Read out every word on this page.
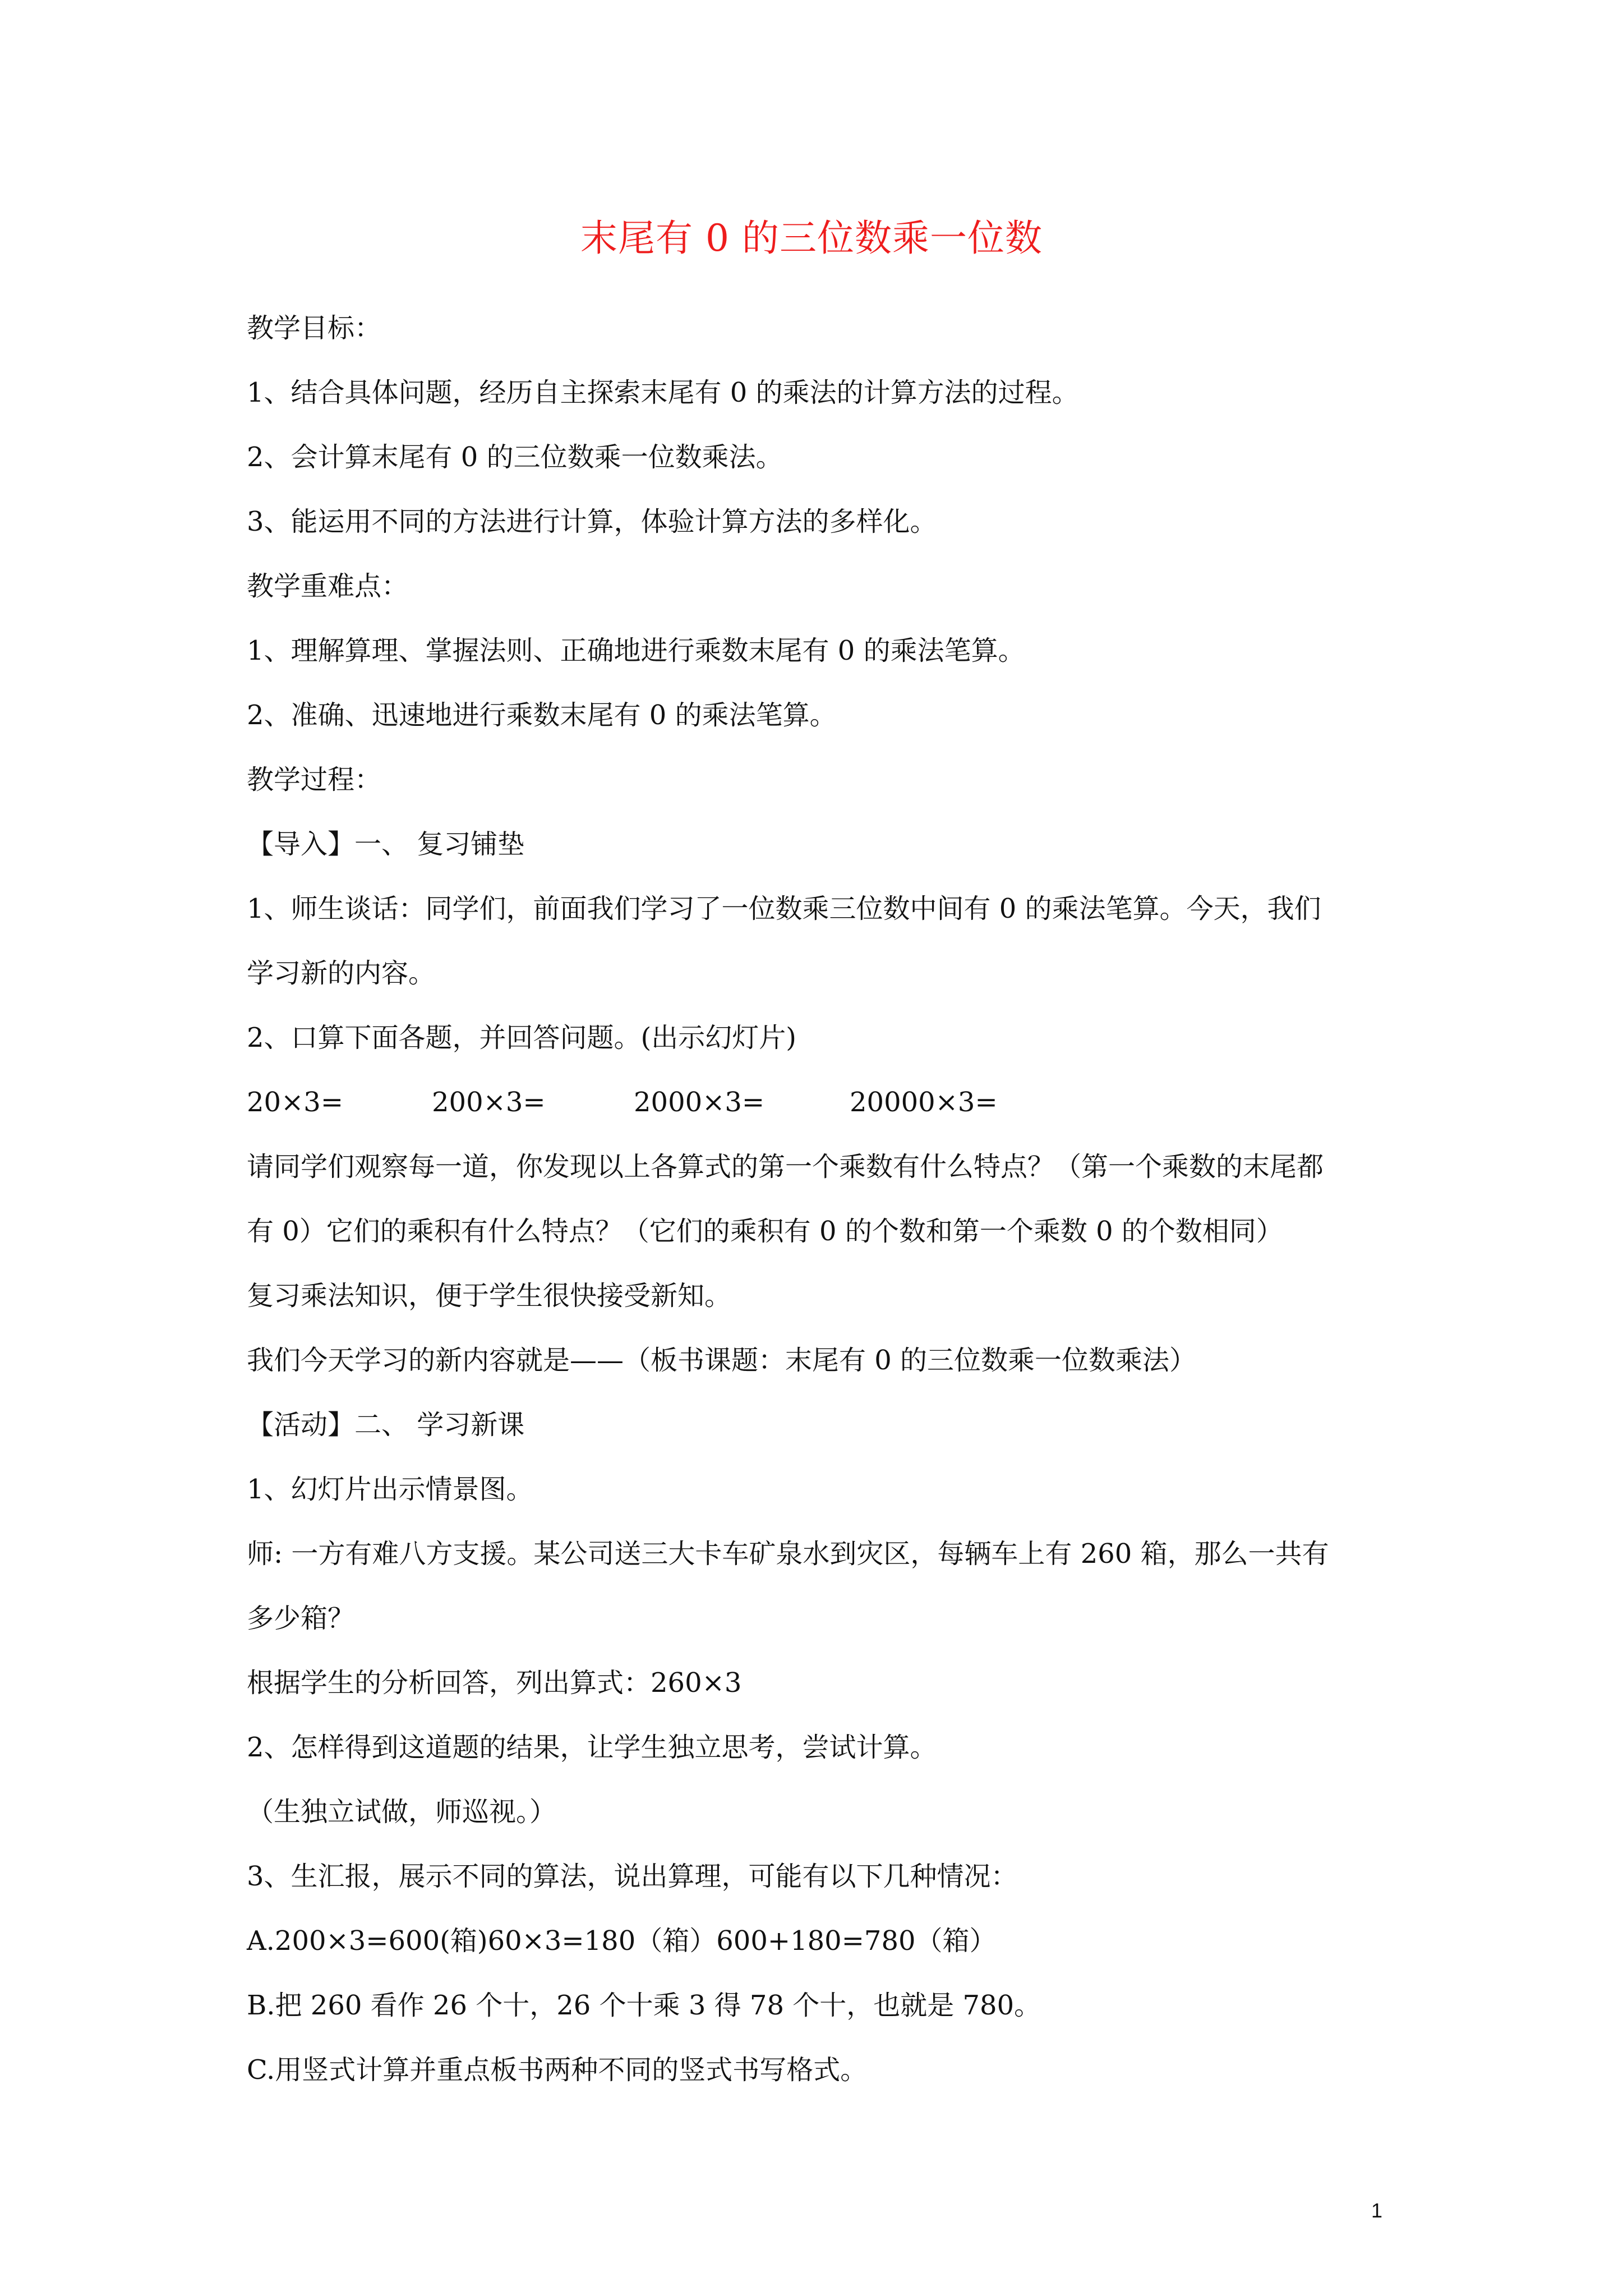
末尾有 0 的三位数乘一位数

教学目标：

1、结合具体问题，经历自主探索末尾有 0 的乘法的计算方法的过程。

2、会计算末尾有 0 的三位数乘一位数乘法。

3、能运用不同的方法进行计算，体验计算方法的多样化。

教学重难点：

1、理解算理、掌握法则、正确地进行乘数末尾有 0 的乘法笔算。

2、准确、迅速地进行乘数末尾有 0 的乘法笔算。

教学过程：

【导入】一、 复习铺垫

1、师生谈话：同学们，前面我们学习了一位数乘三位数中间有 0 的乘法笔算。今天，我们

学习新的内容。

2、口算下面各题，并回答问题。(出示幻灯片)

20×3=	200×3=	2000×3=	20000×3=

请同学们观察每一道，你发现以上各算式的第一个乘数有什么特点？（第一个乘数的末尾都

有 0）它们的乘积有什么特点？（它们的乘积有 0 的个数和第一个乘数 0 的个数相同）

复习乘法知识，便于学生很快接受新知。

我们今天学习的新内容就是——（板书课题：末尾有 0 的三位数乘一位数乘法）

【活动】二、 学习新课

1、幻灯片出示情景图。

师: 一方有难八方支援。某公司送三大卡车矿泉水到灾区，每辆车上有 260 箱，那么一共有

多少箱？

根据学生的分析回答，列出算式：260×3

2、怎样得到这道题的结果，让学生独立思考，尝试计算。

（生独立试做，师巡视。）

3、生汇报，展示不同的算法，说出算理，可能有以下几种情况：

A.200×3=600(箱)60×3=180（箱）600+180=780（箱）

B.把 260 看作 26 个十，26 个十乘 3 得 78 个十，也就是 780。

C.用竖式计算并重点板书两种不同的竖式书写格式。

1
